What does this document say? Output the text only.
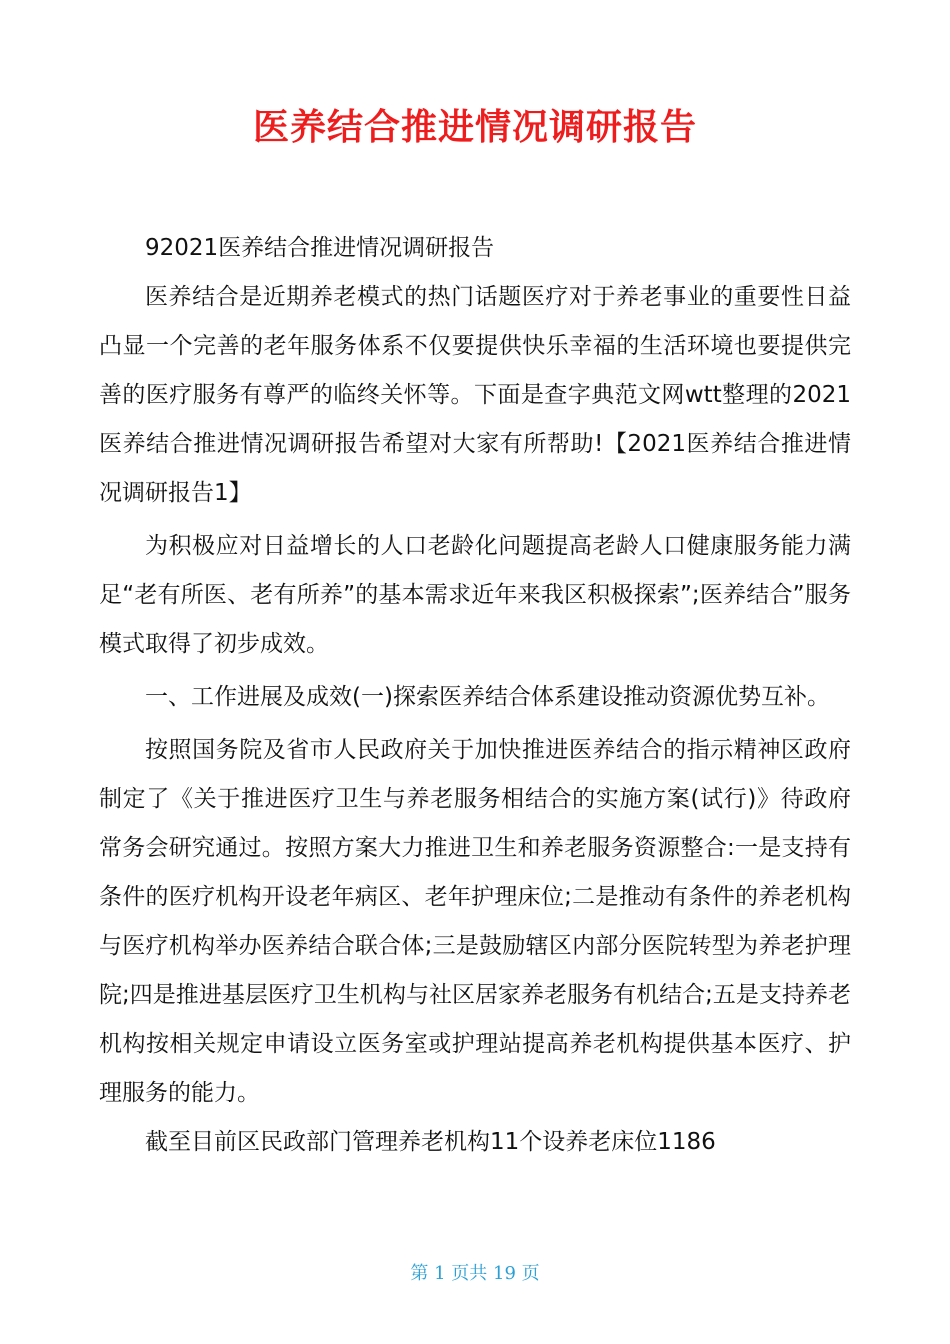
医养结合推进情况调研报告

92021医养结合推进情况调研报告

医养结合是近期养老模式的热门话题医疗对于养老事业的重要性日益凸显一个完善的老年服务体系不仅要提供快乐幸福的生活环境也要提供完善的医疗服务有尊严的临终关怀等。下面是查字典范文网wtt整理的2021医养结合推进情况调研报告希望对大家有所帮助!【2021医养结合推进情况调研报告1】

为积极应对日益增长的人口老龄化问题提高老龄人口健康服务能力满足“老有所医、老有所养”的基本需求近年来我区积极探索”;医养结合”服务模式取得了初步成效。

一、工作进展及成效(一)探索医养结合体系建设推动资源优势互补。

按照国务院及省市人民政府关于加快推进医养结合的指示精神区政府制定了《关于推进医疗卫生与养老服务相结合的实施方案(试行)》待政府常务会研究通过。按照方案大力推进卫生和养老服务资源整合:一是支持有条件的医疗机构开设老年病区、老年护理床位;二是推动有条件的养老机构与医疗机构举办医养结合联合体;三是鼓励辖区内部分医院转型为养老护理院;四是推进基层医疗卫生机构与社区居家养老服务有机结合;五是支持养老机构按相关规定申请设立医务室或护理站提高养老机构提供基本医疗、护理服务的能力。

截至目前区民政部门管理养老机构11个设养老床位1186

第 1 页共 19 页
